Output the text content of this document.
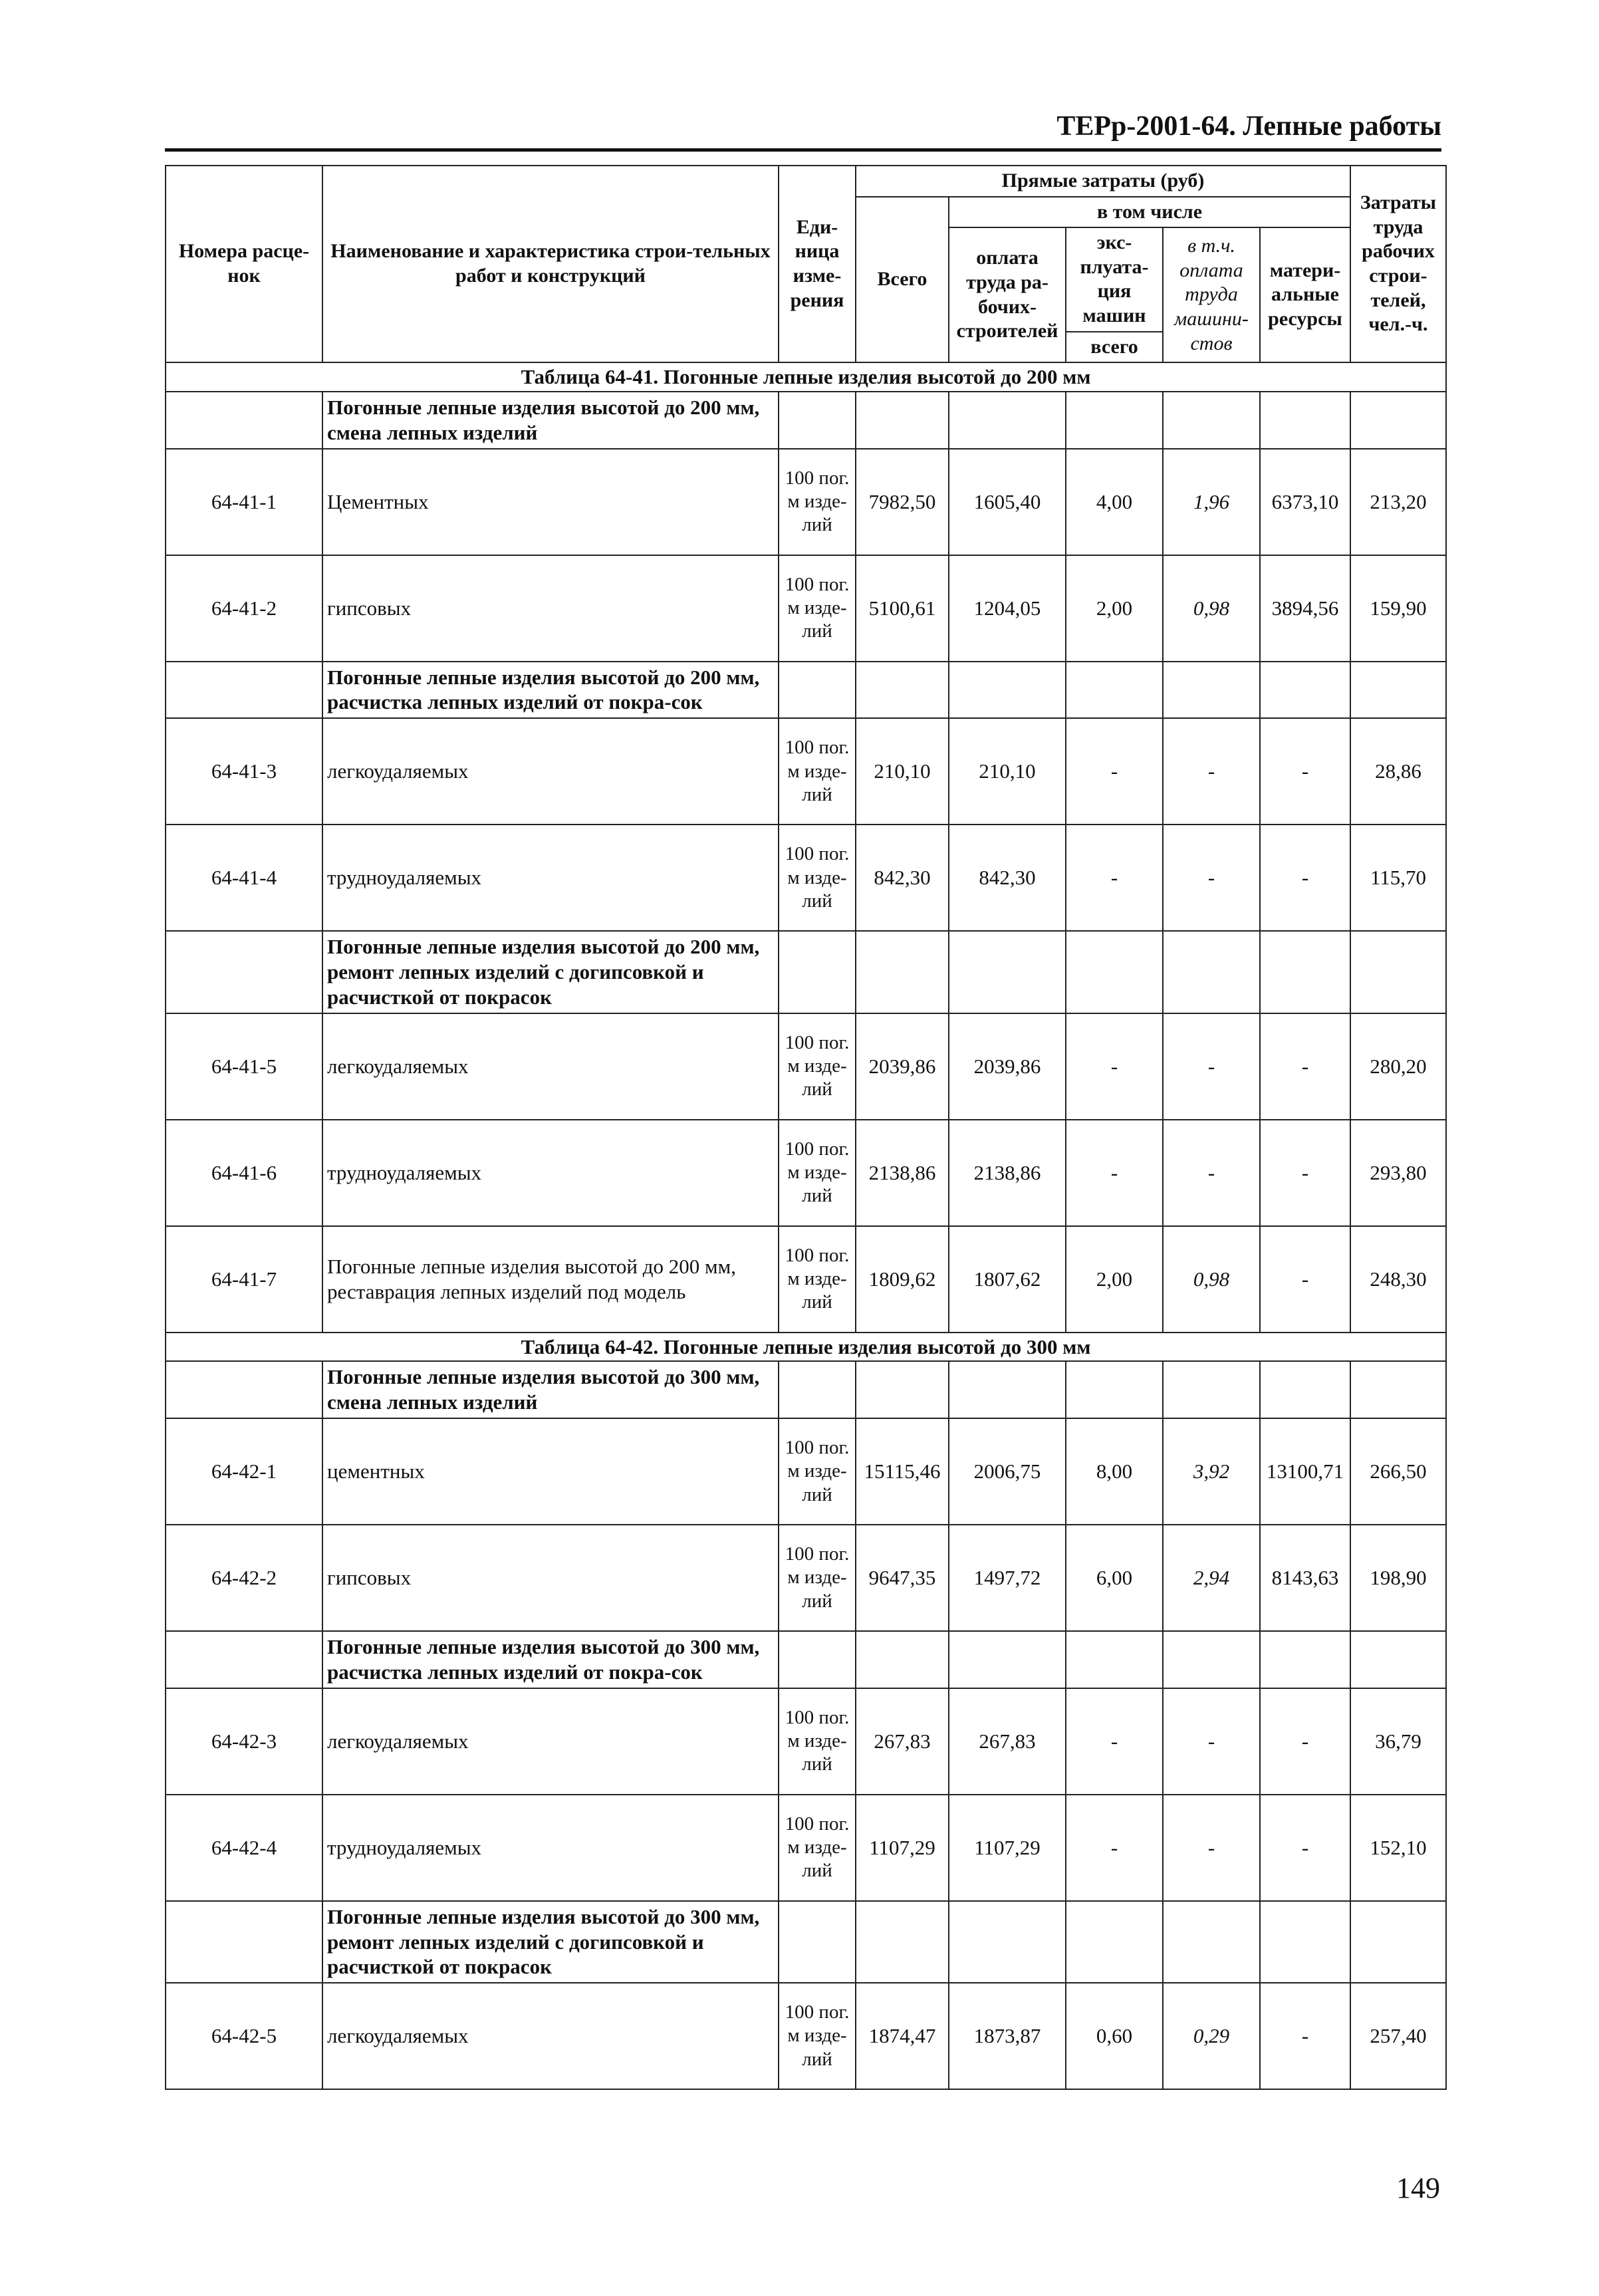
ТЕРр-2001-64. Лепные работы
Номера расце-нок	Наименование и характеристика строи-тельных работ и конструкций	Еди-ница изме-рения	Прямые затраты (руб)					Затраты труда рабочих строи-телей, чел.-ч.
			Всего	в том числе				
				оплата труда ра-бочих-строителей	экс-плуата-ция машин	в т.ч. оплата труда машини-стов	матери-альные ресурсы	
					всего			
Таблица 64-41. Погонные лепные изделия высотой до 200 мм								
	Погонные лепные изделия высотой до 200 мм, смена лепных изделий							
64-41-1	Цементных	100 пог. м изде-лий	7982,50	1605,40	4,00	1,96	6373,10	213,20
64-41-2	гипсовых	100 пог. м изде-лий	5100,61	1204,05	2,00	0,98	3894,56	159,90
	Погонные лепные изделия высотой до 200 мм, расчистка лепных изделий от покра-сок							
64-41-3	легкоудаляемых	100 пог. м изде-лий	210,10	210,10	-	-	-	28,86
64-41-4	трудноудаляемых	100 пог. м изде-лий	842,30	842,30	-	-	-	115,70
	Погонные лепные изделия высотой до 200 мм, ремонт лепных изделий с догипсовкой и расчисткой от покрасок							
64-41-5	легкоудаляемых	100 пог. м изде-лий	2039,86	2039,86	-	-	-	280,20
64-41-6	трудноудаляемых	100 пог. м изде-лий	2138,86	2138,86	-	-	-	293,80
64-41-7	Погонные лепные изделия высотой до 200 мм, реставрация лепных изделий под модель	100 пог. м изде-лий	1809,62	1807,62	2,00	0,98	-	248,30
Таблица 64-42. Погонные лепные изделия высотой до 300 мм								
	Погонные лепные изделия высотой до 300 мм, смена лепных изделий							
64-42-1	цементных	100 пог. м изде-лий	15115,46	2006,75	8,00	3,92	13100,71	266,50
64-42-2	гипсовых	100 пог. м изде-лий	9647,35	1497,72	6,00	2,94	8143,63	198,90
	Погонные лепные изделия высотой до 300 мм, расчистка лепных изделий от покра-сок							
64-42-3	легкоудаляемых	100 пог. м изде-лий	267,83	267,83	-	-	-	36,79
64-42-4	трудноудаляемых	100 пог. м изде-лий	1107,29	1107,29	-	-	-	152,10
	Погонные лепные изделия высотой до 300 мм, ремонт лепных изделий с догипсовкой и расчисткой от покрасок							
64-42-5	легкоудаляемых	100 пог. м изде-лий	1874,47	1873,87	0,60	0,29	-	257,40
149
